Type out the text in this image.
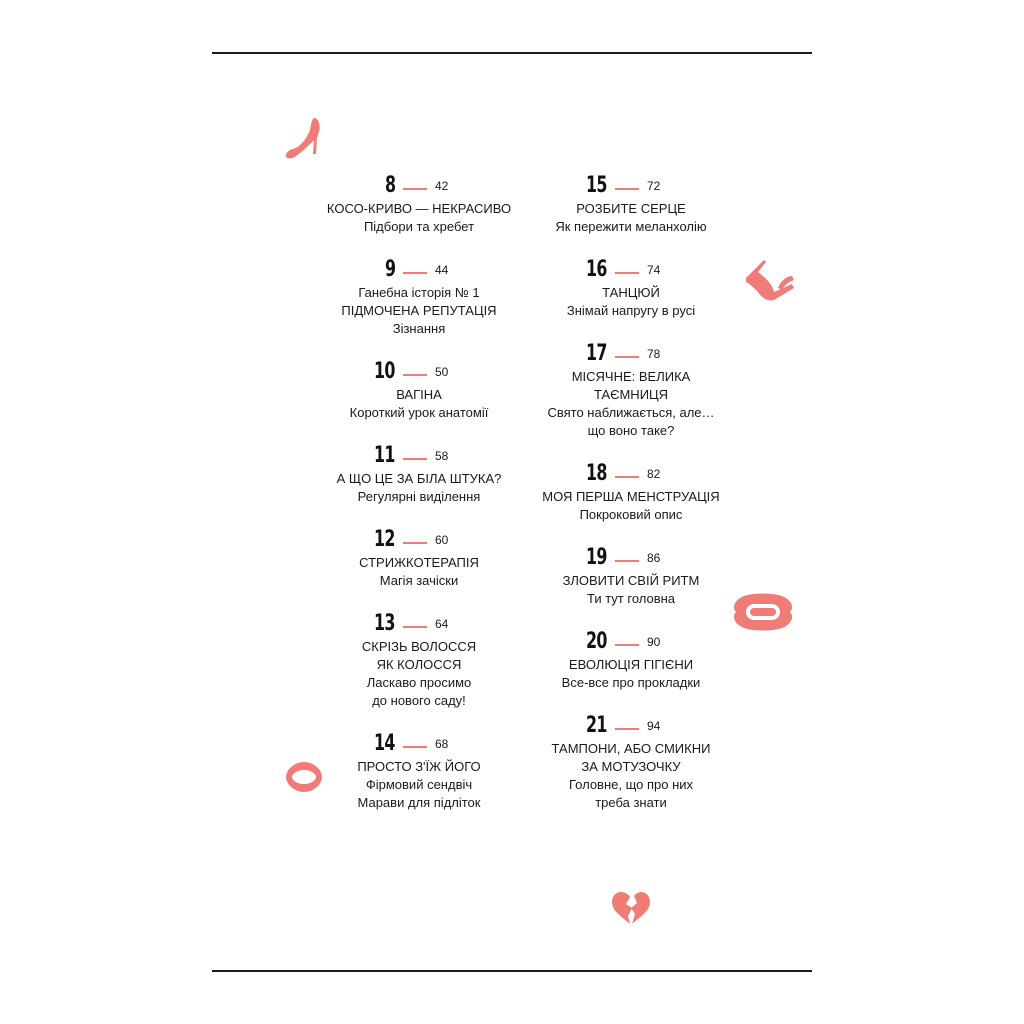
8	42
КОСО-КРИВО — НЕКРАСИВО
Підбори та хребет
9	44
Ганебна історія № 1
ПІДМОЧЕНА РЕПУТАЦІЯ
Зізнання
10	50
ВАГІНА
Короткий урок анатомії
11	58
А ЩО ЦЕ ЗА БІЛА ШТУКА?
Регулярні виділення
12	60
СТРИЖКОТЕРАПІЯ
Магія зачіски
13	64
СКРІЗЬ ВОЛОССЯ
ЯК КОЛОССЯ
Ласкаво просимо
до нового саду!
14	68
ПРОСТО З'ЇЖ ЙОГО
Фірмовий сендвіч
Марави для підліток
15	72
РОЗБИТЕ СЕРЦЕ
Як пережити меланхолію
16	74
ТАНЦЮЙ
Знімай напругу в русі
17	78
МІСЯЧНЕ: ВЕЛИКА
ТАЄМНИЦЯ
Свято наближається, але…
що воно таке?
18	82
МОЯ ПЕРША МЕНСТРУАЦІЯ
Покроковий опис
19	86
ЗЛОВИТИ СВІЙ РИТМ
Ти тут головна
20	90
ЕВОЛЮЦІЯ ГІГІЄНИ
Все-все про прокладки
21	94
ТАМПОНИ, АБО СМИКНИ
ЗА МОТУЗОЧКУ
Головне, що про них
треба знати
